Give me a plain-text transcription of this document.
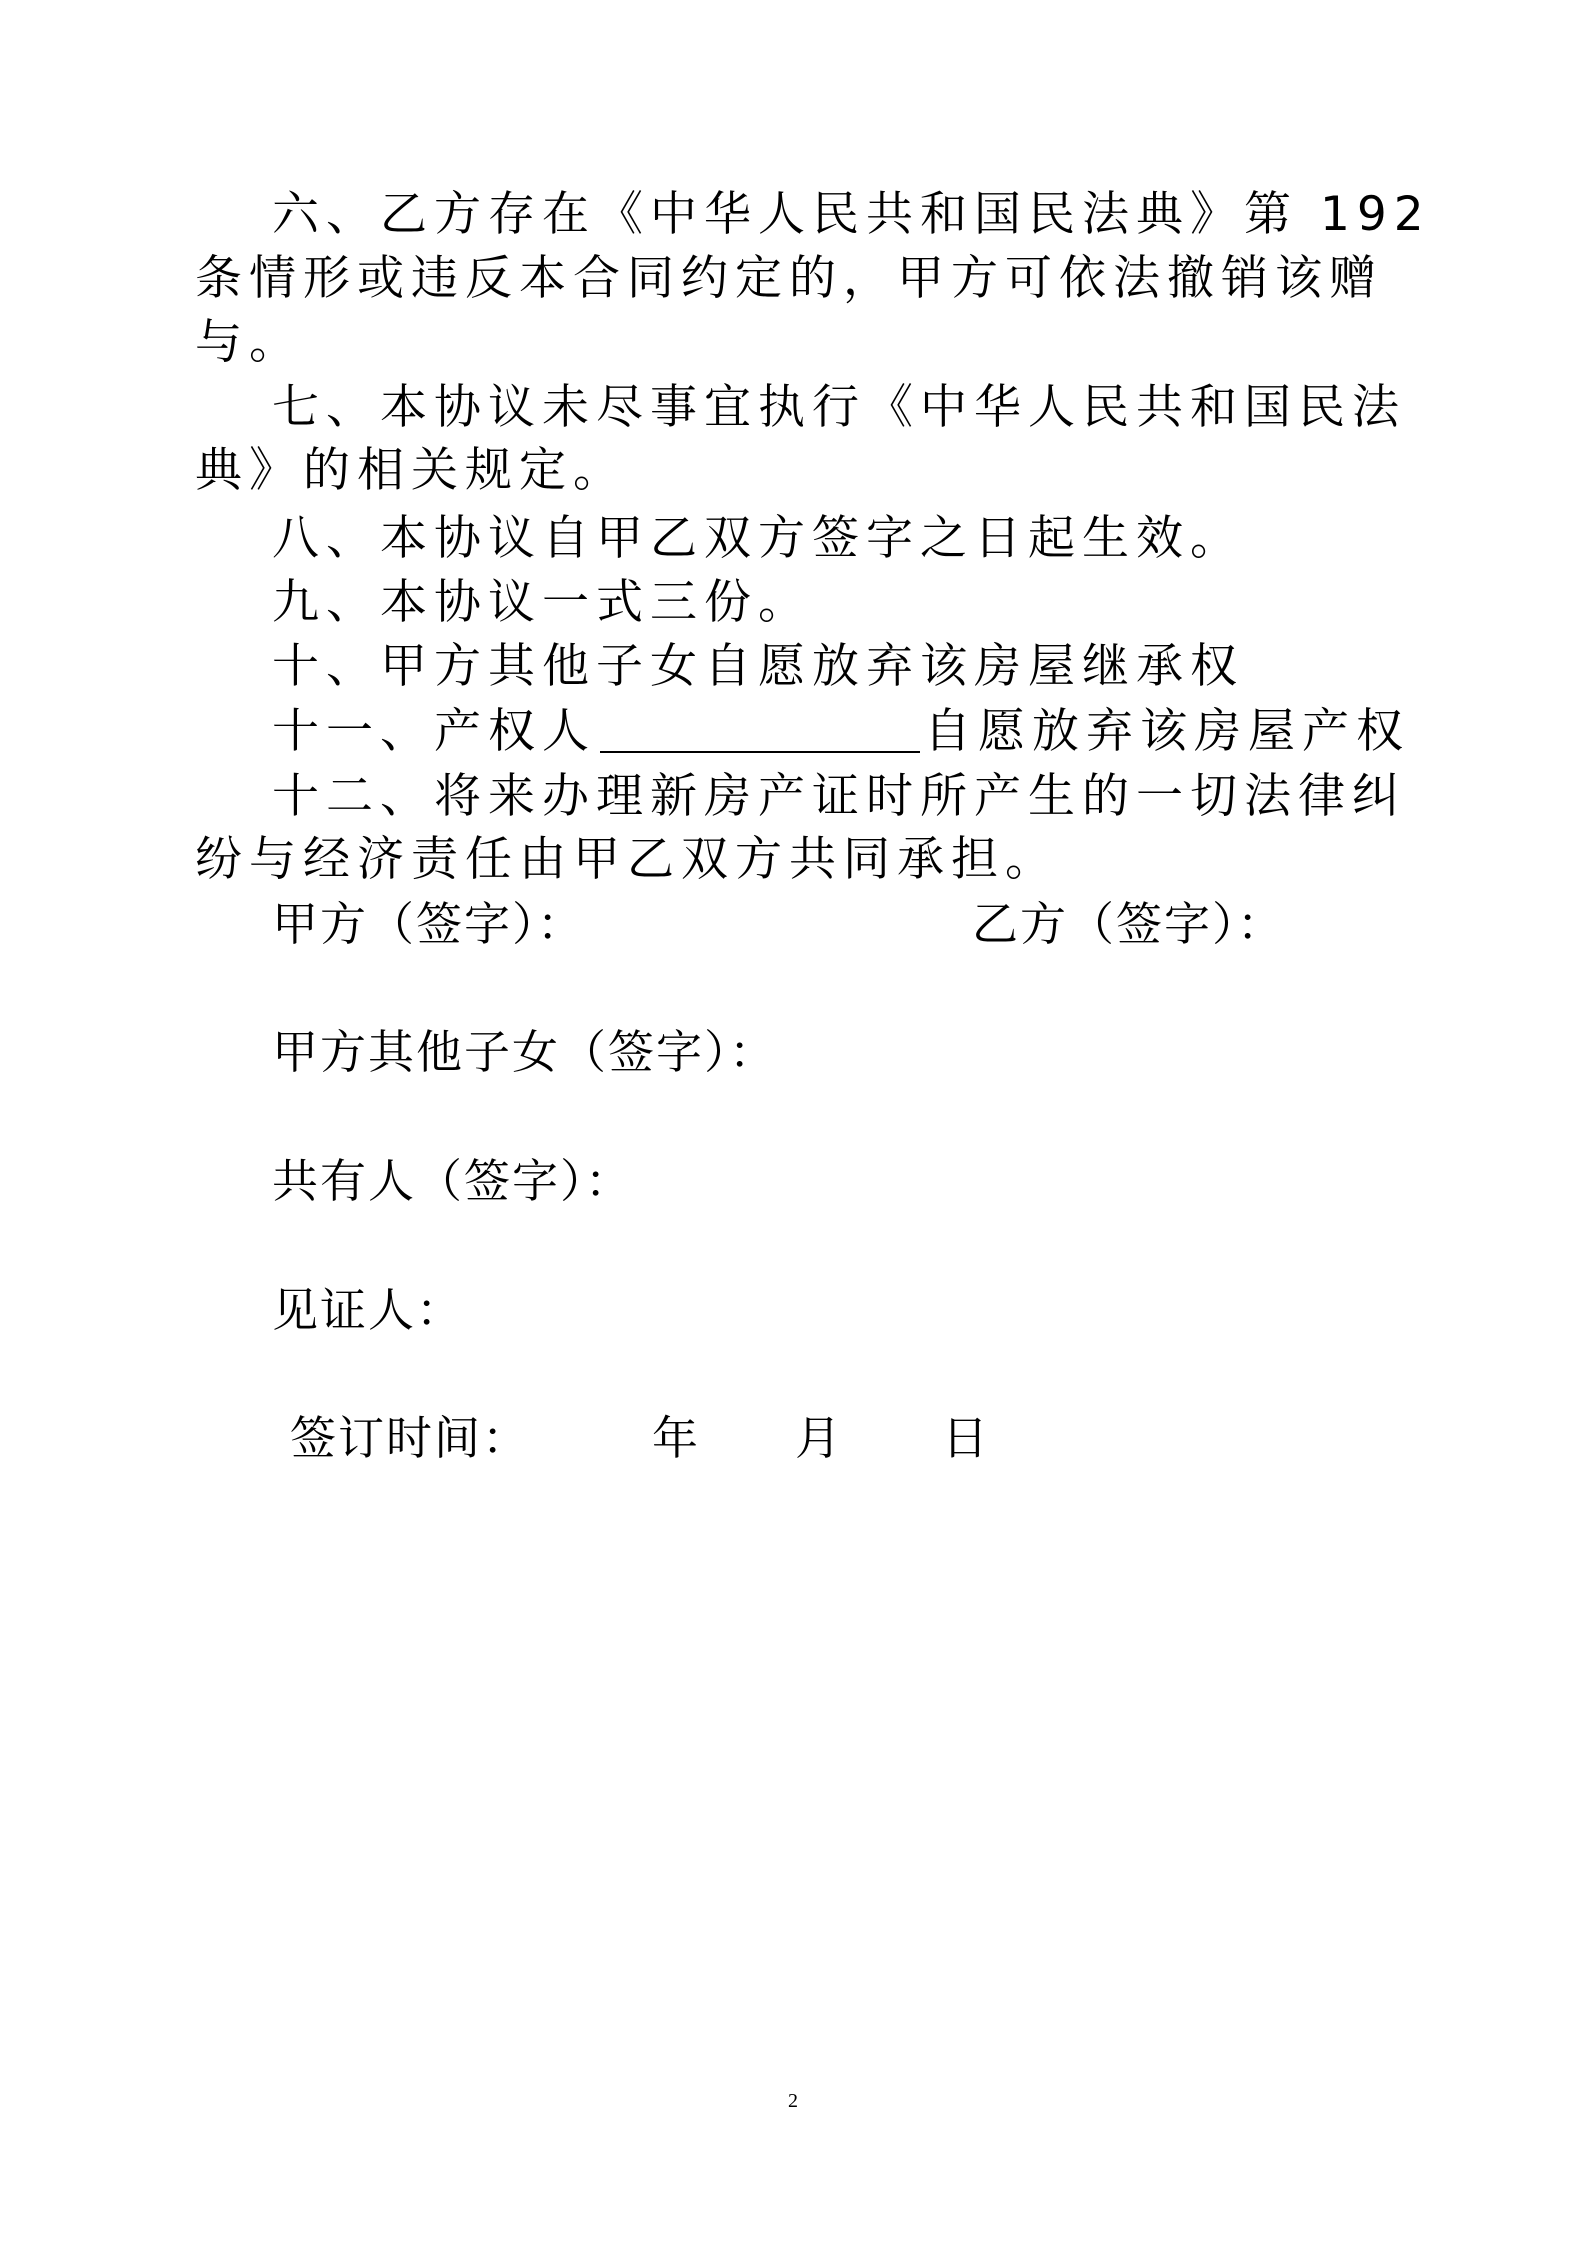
六、乙方存在《中华人民共和国民法典》第 192
条情形或违反本合同约定的，甲方可依法撤销该赠
与。
七、本协议未尽事宜执行《中华人民共和国民法
典》的相关规定。
八、本协议自甲乙双方签字之日起生效。
九、本协议一式三份。
十、甲方其他子女自愿放弃该房屋继承权
十一、产权人	自愿放弃该房屋产权
十二、将来办理新房产证时所产生的一切法律纠
纷与经济责任由甲乙双方共同承担。
甲方（签字）：	乙方（签字）：
甲方其他子女（签字）：
共有人（签字）：
见证人：
签订时间：	年 月 日
2
